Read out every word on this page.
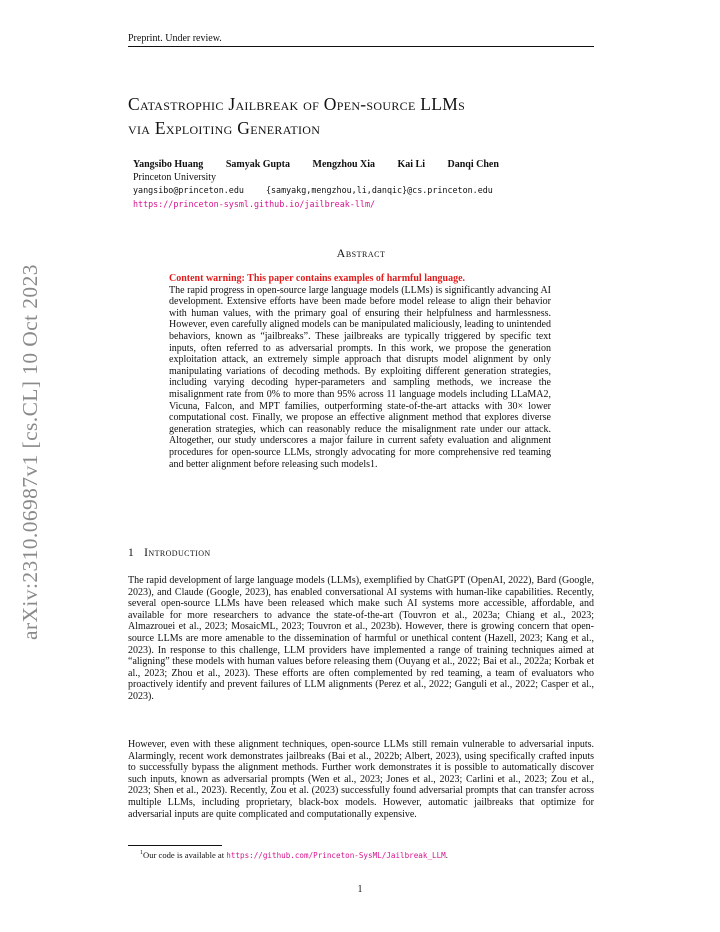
Preprint. Under review.
Catastrophic Jailbreak of Open-source LLMs
via Exploiting Generation
Yangsibo Huang Samyak Gupta Mengzhou Xia Kai Li Danqi Chen
Princeton University
yangsibo@princeton.edu	{samyakg,mengzhou,li,danqic}@cs.princeton.edu
https://princeton-sysml.github.io/jailbreak-llm/
arXiv:2310.06987v1 [cs.CL] 10 Oct 2023
Abstract
Content warning: This paper contains examples of harmful language.
The rapid progress in open-source large language models (LLMs) is significantly advancing AI development. Extensive efforts have been made before model release to align their behavior with human values, with the primary goal of ensuring their helpfulness and harmlessness. However, even carefully aligned models can be manipulated maliciously, leading to unintended behaviors, known as “jailbreaks”. These jailbreaks are typically triggered by specific text inputs, often referred to as adversarial prompts. In this work, we propose the generation exploitation attack, an extremely simple approach that disrupts model alignment by only manipulating variations of decoding methods. By exploiting different generation strategies, including varying decoding hyper-parameters and sampling methods, we increase the misalignment rate from 0% to more than 95% across 11 language models including LLaMA2, Vicuna, Falcon, and MPT families, outperforming state-of-the-art attacks with 30× lower computational cost. Finally, we propose an effective alignment method that explores diverse generation strategies, which can reasonably reduce the misalignment rate under our attack. Altogether, our study underscores a major failure in current safety evaluation and alignment procedures for open-source LLMs, strongly advocating for more comprehensive red teaming and better alignment before releasing such models1.
1 Introduction
The rapid development of large language models (LLMs), exemplified by ChatGPT (OpenAI, 2022), Bard (Google, 2023), and Claude (Google, 2023), has enabled conversational AI systems with human-like capabilities. Recently, several open-source LLMs have been released which make such AI systems more accessible, affordable, and available for more researchers to advance the state-of-the-art (Touvron et al., 2023a; Chiang et al., 2023; Almazrouei et al., 2023; MosaicML, 2023; Touvron et al., 2023b). However, there is growing concern that open-source LLMs are more amenable to the dissemination of harmful or unethical content (Hazell, 2023; Kang et al., 2023). In response to this challenge, LLM providers have implemented a range of training techniques aimed at “aligning” these models with human values before releasing them (Ouyang et al., 2022; Bai et al., 2022a; Korbak et al., 2023; Zhou et al., 2023). These efforts are often complemented by red teaming, a team of evaluators who proactively identify and prevent failures of LLM alignments (Perez et al., 2022; Ganguli et al., 2022; Casper et al., 2023).
However, even with these alignment techniques, open-source LLMs still remain vulnerable to adversarial inputs. Alarmingly, recent work demonstrates jailbreaks (Bai et al., 2022b; Albert, 2023), using specifically crafted inputs to successfully bypass the alignment methods. Further work demonstrates it is possible to automatically discover such inputs, known as adversarial prompts (Wen et al., 2023; Jones et al., 2023; Carlini et al., 2023; Zou et al., 2023; Shen et al., 2023). Recently, Zou et al. (2023) successfully found adversarial prompts that can transfer across multiple LLMs, including proprietary, black-box models. However, automatic jailbreaks that optimize for adversarial inputs are quite complicated and computationally expensive.
$^1$Our code is available at https://github.com/Princeton-SysML/Jailbreak_LLM.
1
